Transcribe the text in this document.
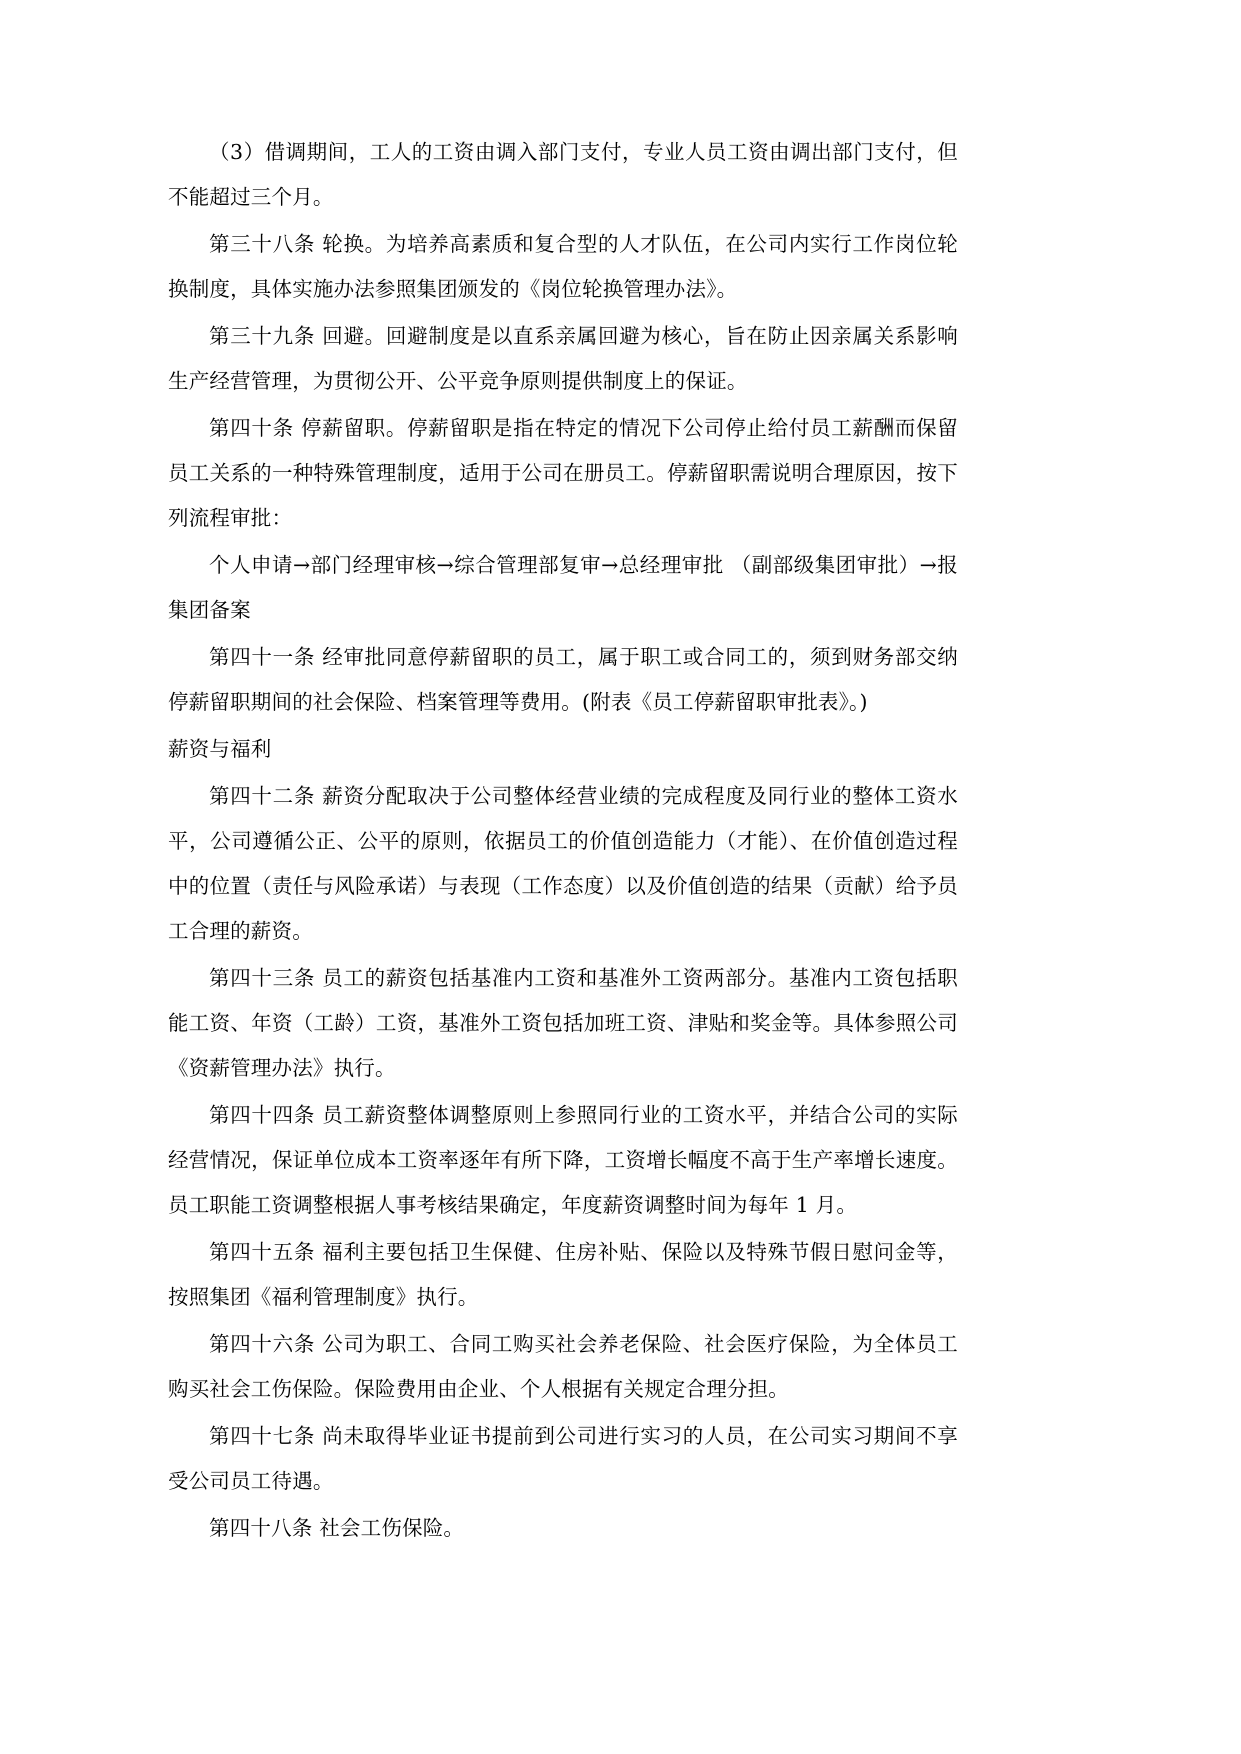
（3）借调期间，工人的工资由调入部门支付，专业人员工资由调出部门支付，但不能超过三个月。

第三十八条 轮换。为培养高素质和复合型的人才队伍，在公司内实行工作岗位轮换制度，具体实施办法参照集团颁发的《岗位轮换管理办法》。

第三十九条 回避。回避制度是以直系亲属回避为核心，旨在防止因亲属关系影响生产经营管理，为贯彻公开、公平竞争原则提供制度上的保证。

第四十条 停薪留职。停薪留职是指在特定的情况下公司停止给付员工薪酬而保留员工关系的一种特殊管理制度，适用于公司在册员工。停薪留职需说明合理原因，按下列流程审批：

个人申请→部门经理审核→综合管理部复审→总经理审批 （副部级集团审批）→报集团备案

第四十一条 经审批同意停薪留职的员工，属于职工或合同工的，须到财务部交纳停薪留职期间的社会保险、档案管理等费用。(附表《员工停薪留职审批表》。)

薪资与福利

第四十二条 薪资分配取决于公司整体经营业绩的完成程度及同行业的整体工资水平，公司遵循公正、公平的原则，依据员工的价值创造能力（才能）、在价值创造过程中的位置（责任与风险承诺）与表现（工作态度）以及价值创造的结果（贡献）给予员工合理的薪资。

第四十三条 员工的薪资包括基准内工资和基准外工资两部分。基准内工资包括职能工资、年资（工龄）工资，基准外工资包括加班工资、津贴和奖金等。具体参照公司《资薪管理办法》执行。

第四十四条 员工薪资整体调整原则上参照同行业的工资水平，并结合公司的实际经营情况，保证单位成本工资率逐年有所下降，工资增长幅度不高于生产率增长速度。员工职能工资调整根据人事考核结果确定，年度薪资调整时间为每年 1 月。

第四十五条 福利主要包括卫生保健、住房补贴、保险以及特殊节假日慰问金等，按照集团《福利管理制度》执行。

第四十六条 公司为职工、合同工购买社会养老保险、社会医疗保险，为全体员工购买社会工伤保险。保险费用由企业、个人根据有关规定合理分担。

第四十七条 尚未取得毕业证书提前到公司进行实习的人员，在公司实习期间不享受公司员工待遇。

第四十八条 社会工伤保险。
